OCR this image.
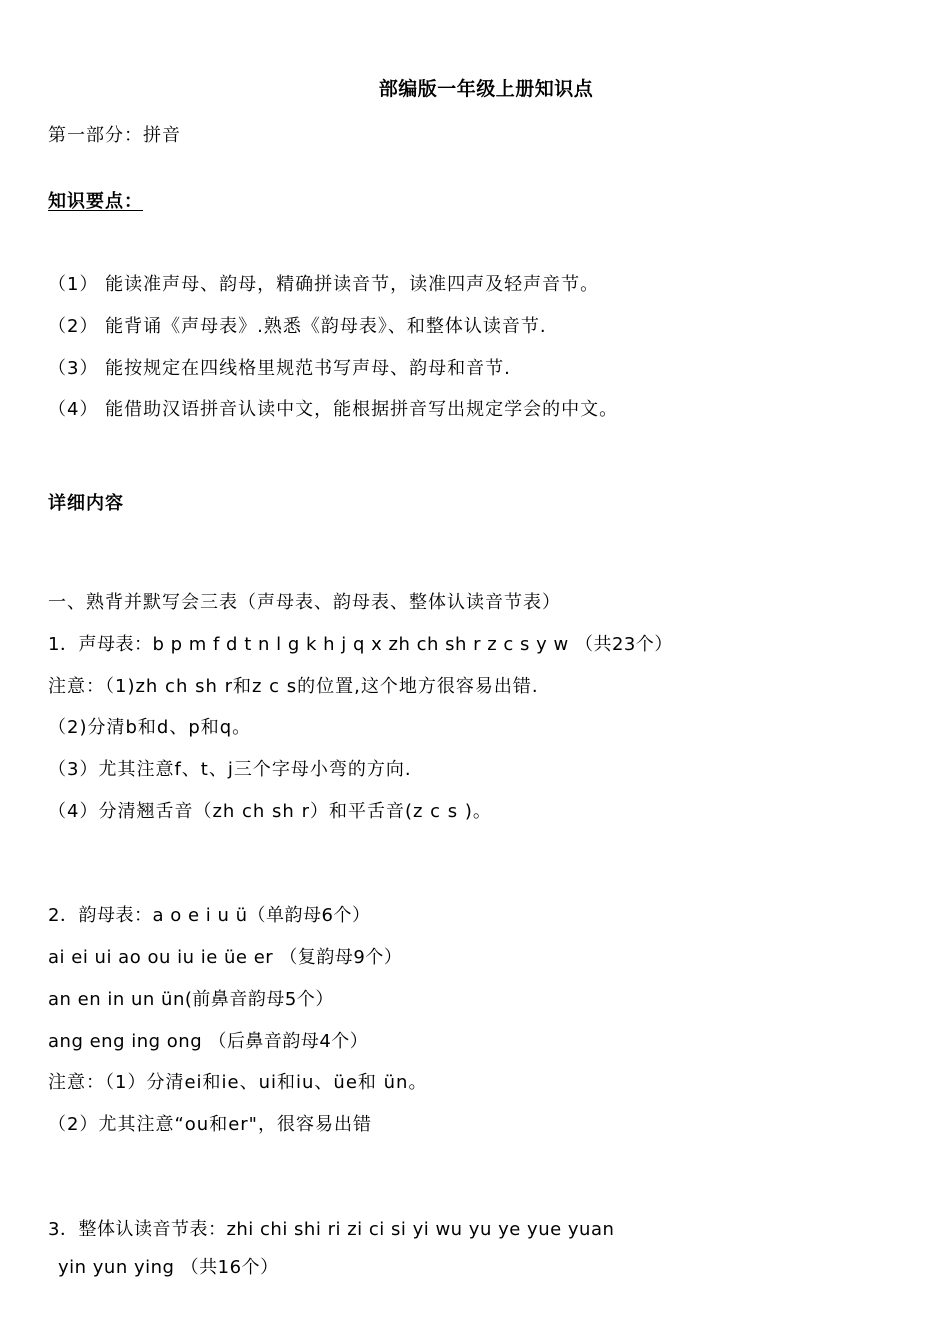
部编版一年级上册知识点
第一部分：拼音
知识要点：
（1） 能读准声母、韵母，精确拼读音节，读准四声及轻声音节。
（2） 能背诵《声母表》.熟悉《韵母表》、和整体认读音节.
（3） 能按规定在四线格里规范书写声母、韵母和音节.
（4） 能借助汉语拼音认读中文，能根据拼音写出规定学会的中文。
详细内容
一、熟背并默写会三表（声母表、韵母表、整体认读音节表）
1．声母表：b p m f d t n l g k h j q x zh ch sh r z c s y w （共23个）
注意：（1)zh ch sh r和z c s的位置,这个地方很容易出错.
（2)分清b和d、p和q。
（3）尤其注意f、t、j三个字母小弯的方向.
（4）分清翘舌音（zh ch sh r）和平舌音(z c s )。
2．韵母表：a o e i u ü（单韵母6个）
ai ei ui ao ou iu ie üe er （复韵母9个）
an en in un ün(前鼻音韵母5个）
ang eng ing ong （后鼻音韵母4个）
注意：（1）分清ei和ie、ui和iu、üe和 ün。
（2）尤其注意“ou和er"，很容易出错
3．整体认读音节表：zhi chi shi ri zi ci si yi wu yu ye yue yuan
yin yun ying （共16个）
